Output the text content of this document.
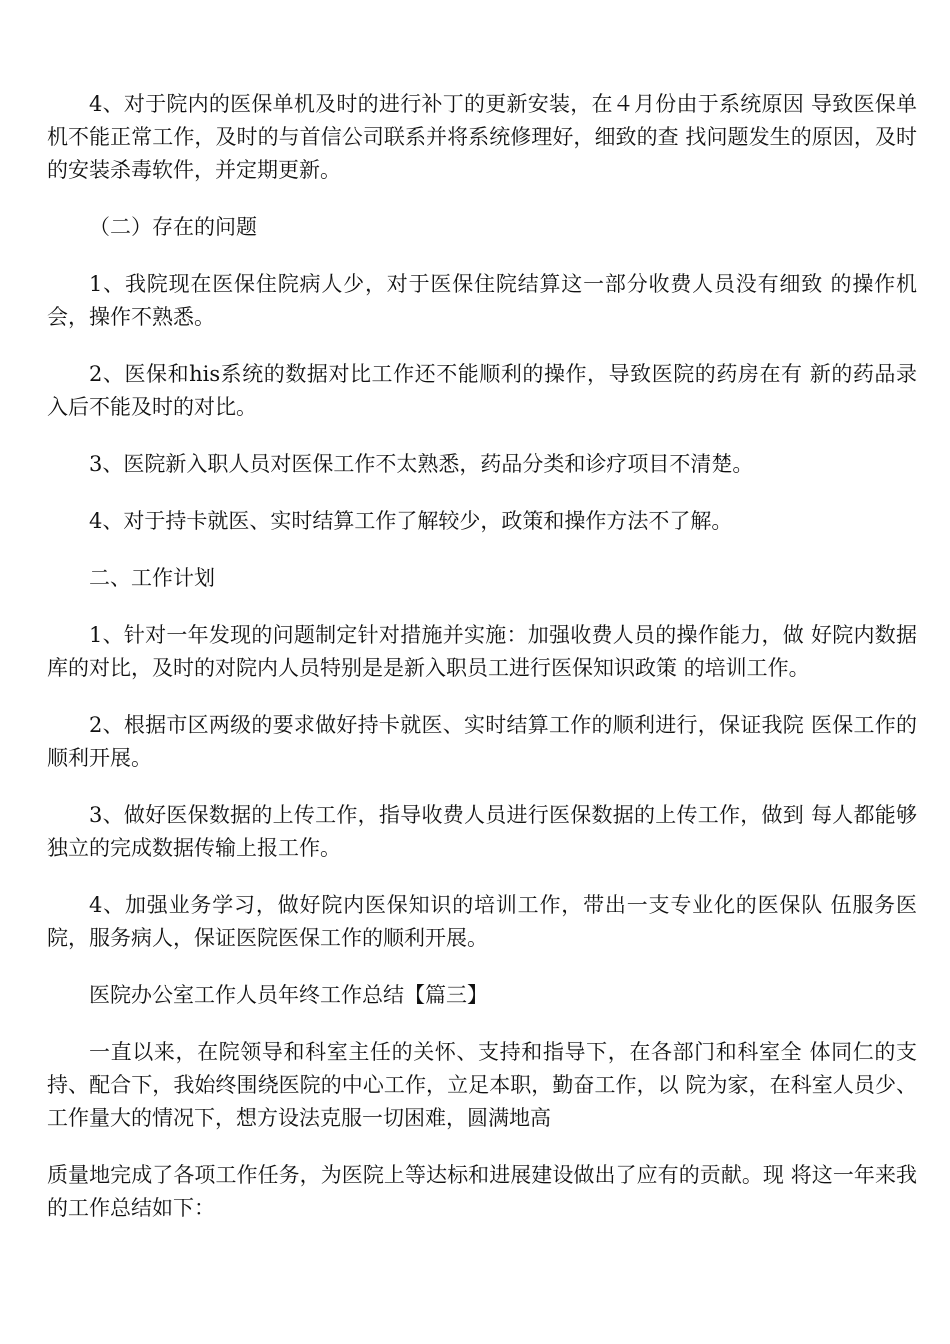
4、对于院内的医保单机及时的进行补丁的更新安装，在４月份由于系统原因 导致医保单机不能正常工作，及时的与首信公司联系并将系统修理好，细致的查 找问题发生的原因，及时的安装杀毒软件，并定期更新。

（二）存在的问题

1、我院现在医保住院病人少，对于医保住院结算这一部分收费人员没有细致 的操作机会，操作不熟悉。

2、医保和his系统的数据对比工作还不能顺利的操作，导致医院的药房在有 新的药品录入后不能及时的对比。

3、医院新入职人员对医保工作不太熟悉，药品分类和诊疗项目不清楚。

4、对于持卡就医、实时结算工作了解较少，政策和操作方法不了解。

二、工作计划

1、针对一年发现的问题制定针对措施并实施：加强收费人员的操作能力，做 好院内数据库的对比，及时的对院内人员特别是是新入职员工进行医保知识政策 的培训工作。

2、根据市区两级的要求做好持卡就医、实时结算工作的顺利进行，保证我院 医保工作的顺利开展。

3、做好医保数据的上传工作，指导收费人员进行医保数据的上传工作，做到 每人都能够独立的完成数据传输上报工作。

4、加强业务学习，做好院内医保知识的培训工作，带出一支专业化的医保队 伍服务医院，服务病人，保证医院医保工作的顺利开展。

医院办公室工作人员年终工作总结【篇三】

一直以来，在院领导和科室主任的关怀、支持和指导下，在各部门和科室全 体同仁的支持、配合下，我始终围绕医院的中心工作，立足本职，勤奋工作，以 院为家，在科室人员少、工作量大的情况下，想方设法克服一切困难，圆满地高

质量地完成了各项工作任务，为医院上等达标和进展建设做出了应有的贡献。现 将这一年来我的工作总结如下：
